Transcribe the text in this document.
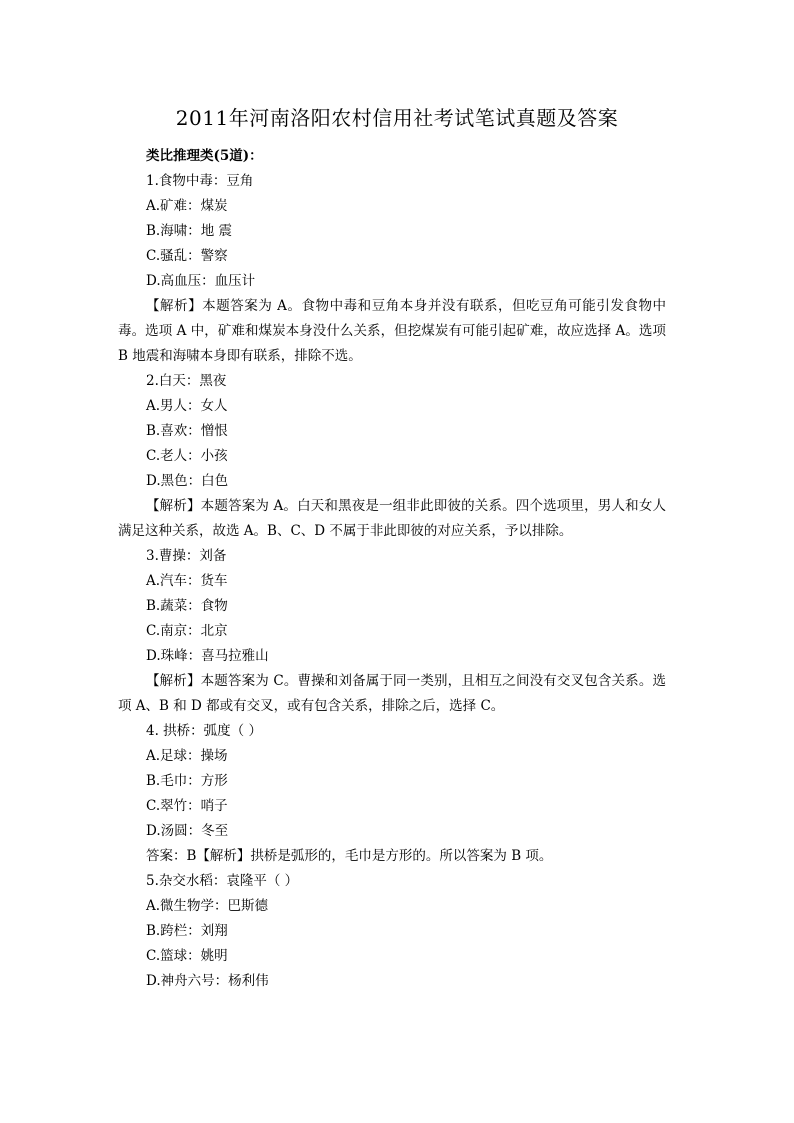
2011年河南洛阳农村信用社考试笔试真题及答案
类比推理类(5道)：
1.食物中毒：豆角
A.矿难：煤炭
B.海啸：地 震
C.骚乱：警察
D.高血压：血压计
【解析】本题答案为 A。食物中毒和豆角本身并没有联系，但吃豆角可能引发食物中毒。选项 A 中，矿难和煤炭本身没什么关系，但挖煤炭有可能引起矿难，故应选择 A。选项 B 地震和海啸本身即有联系，排除不选。
2.白天：黑夜
A.男人：女人
B.喜欢：憎恨
C.老人：小孩
D.黑色：白色
【解析】本题答案为 A。白天和黑夜是一组非此即彼的关系。四个选项里，男人和女人满足这种关系，故选 A。B、C、D 不属于非此即彼的对应关系，予以排除。
3.曹操：刘备
A.汽车：货车
B.蔬菜：食物
C.南京：北京
D.珠峰：喜马拉雅山
【解析】本题答案为 C。曹操和刘备属于同一类别，且相互之间没有交叉包含关系。选项 A、B 和 D 都或有交叉，或有包含关系，排除之后，选择 C。
4. 拱桥：弧度（ ）
A.足球：操场
B.毛巾：方形
C.翠竹：哨子
D.汤圆：冬至
答案：B【解析】拱桥是弧形的，毛巾是方形的。所以答案为 B 项。
5.杂交水稻：袁隆平（ ）
A.微生物学：巴斯德
B.跨栏：刘翔
C.篮球：姚明
D.神舟六号：杨利伟
